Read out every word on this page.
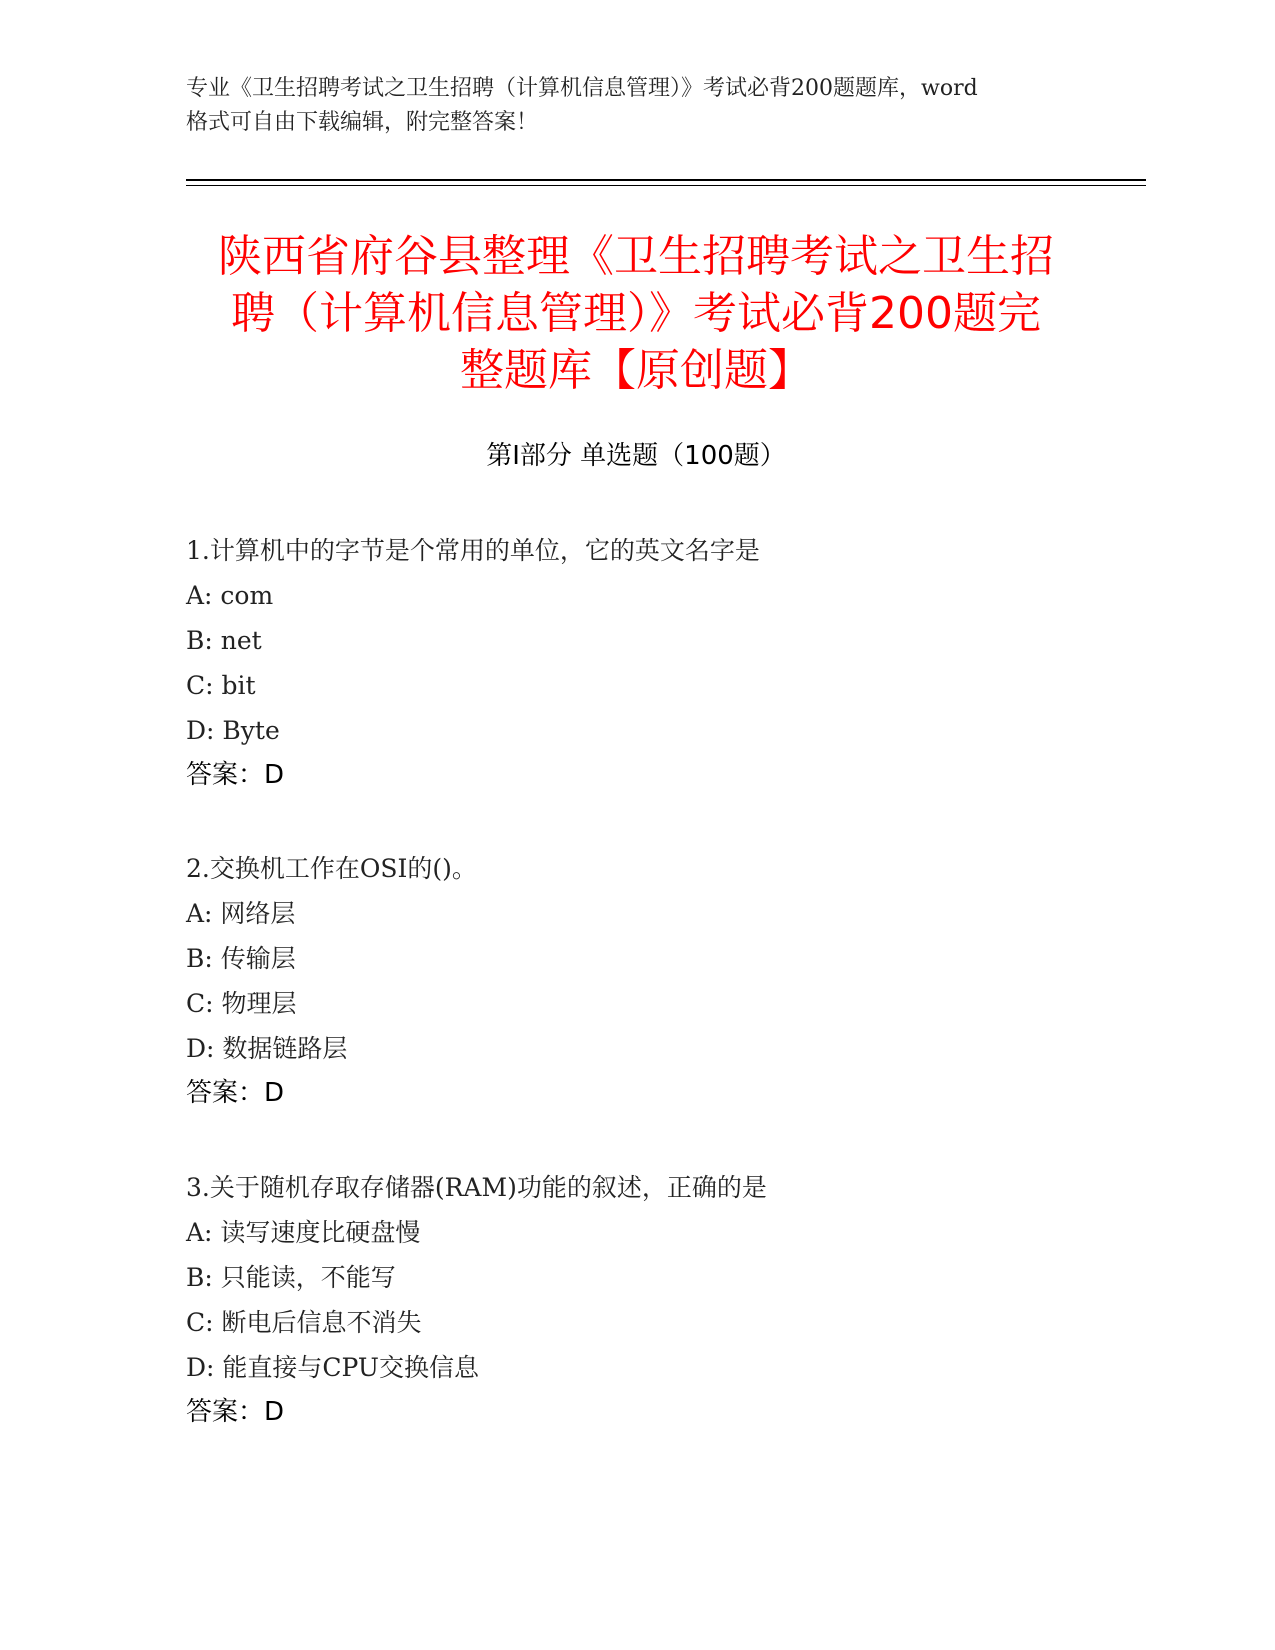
专业《卫生招聘考试之卫生招聘（计算机信息管理）》考试必背200题题库，word
格式可自由下载编辑，附完整答案！
陕西省府谷县整理《卫生招聘考试之卫生招
聘（计算机信息管理）》考试必背200题完
整题库【原创题】
第Ⅰ部分 单选题（100题）
1.计算机中的字节是个常用的单位，它的英文名字是
A: com
B: net
C: bit
D: Byte
答案：D
2.交换机工作在OSI的()。
A: 网络层
B: 传输层
C: 物理层
D: 数据链路层
答案：D
3.关于随机存取存储器(RAM)功能的叙述，正确的是
A: 读写速度比硬盘慢
B: 只能读，不能写
C: 断电后信息不消失
D: 能直接与CPU交换信息
答案：D
